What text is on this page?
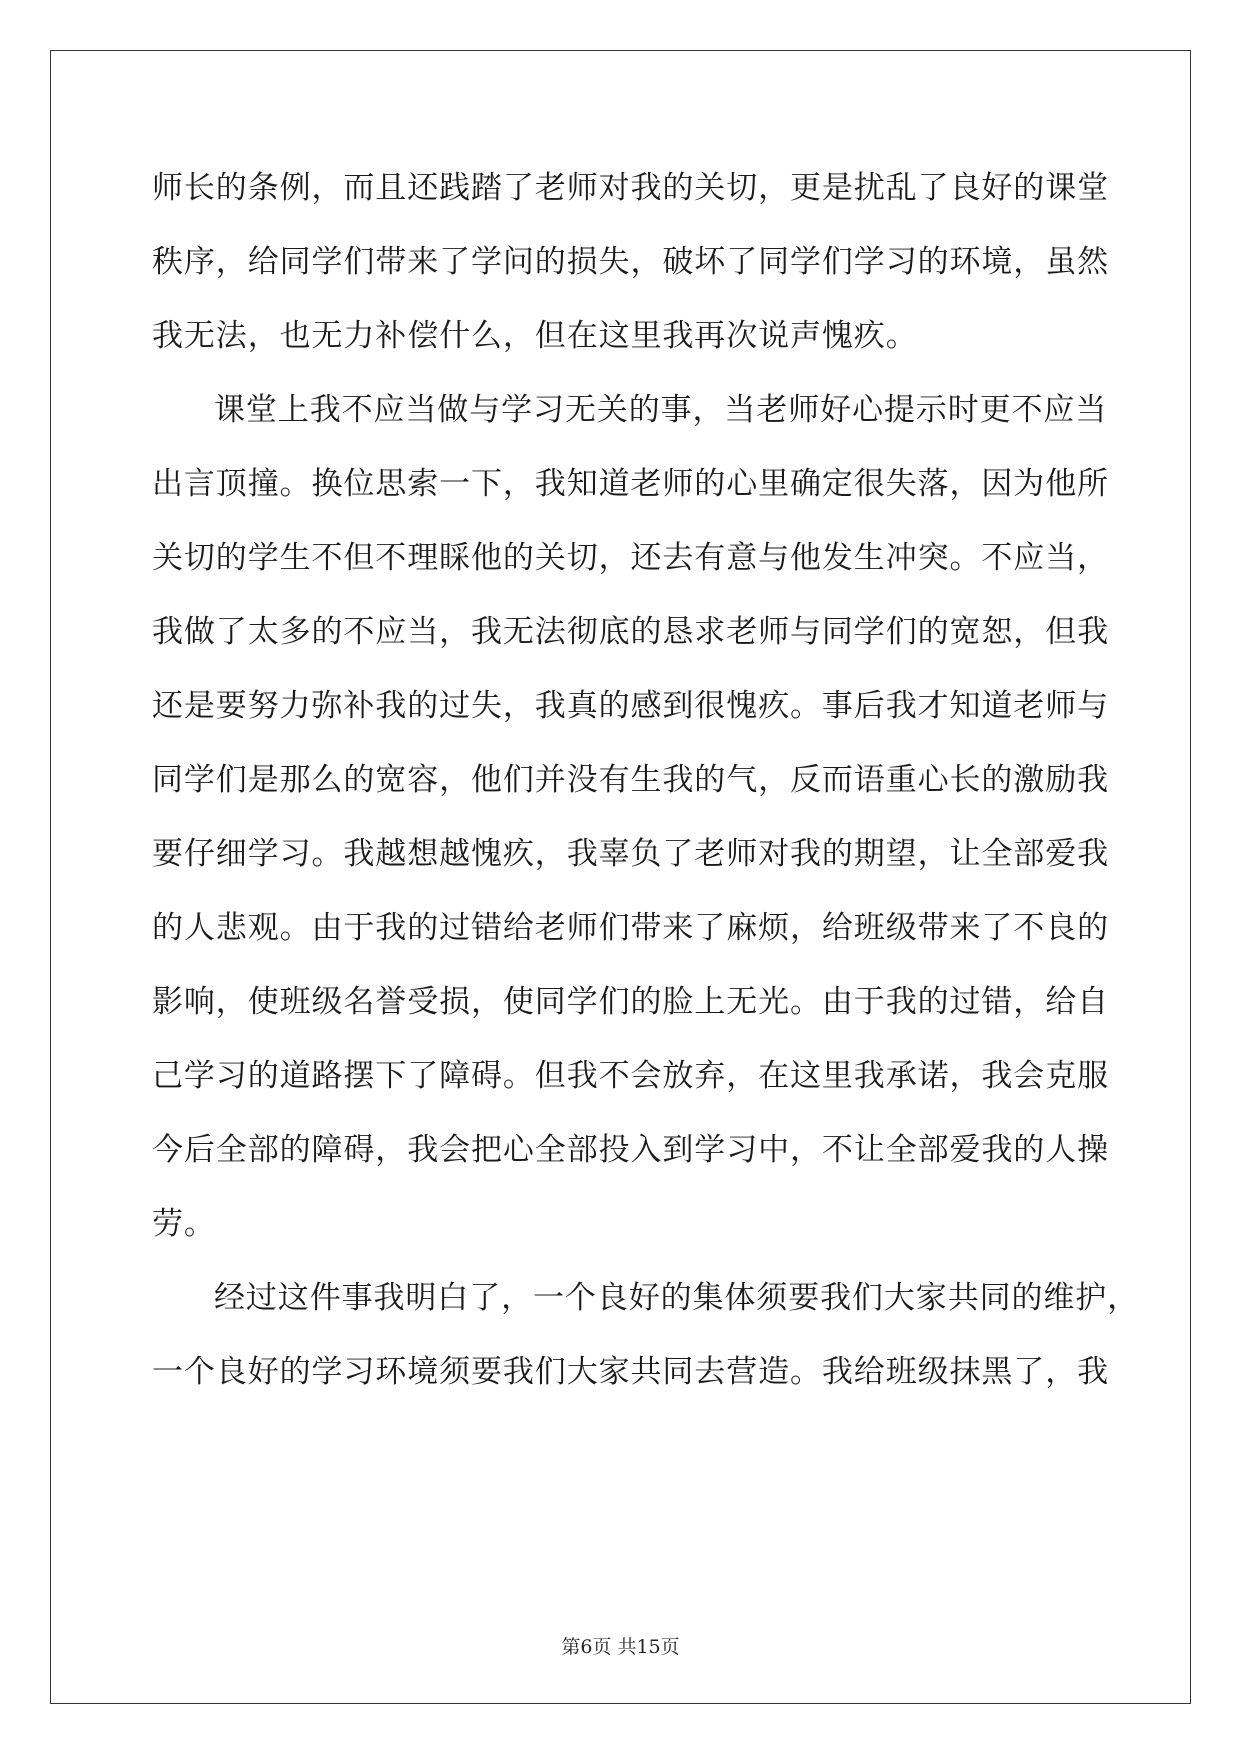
师长的条例，而且还践踏了老师对我的关切，更是扰乱了良好的课堂
秩序，给同学们带来了学问的损失，破坏了同学们学习的环境，虽然
我无法，也无力补偿什么，但在这里我再次说声愧疚。
课堂上我不应当做与学习无关的事，当老师好心提示时更不应当
出言顶撞。换位思索一下，我知道老师的心里确定很失落，因为他所
关切的学生不但不理睬他的关切，还去有意与他发生冲突。不应当，
我做了太多的不应当，我无法彻底的恳求老师与同学们的宽恕，但我
还是要努力弥补我的过失，我真的感到很愧疚。事后我才知道老师与
同学们是那么的宽容，他们并没有生我的气，反而语重心长的激励我
要仔细学习。我越想越愧疚，我辜负了老师对我的期望，让全部爱我
的人悲观。由于我的过错给老师们带来了麻烦，给班级带来了不良的
影响，使班级名誉受损，使同学们的脸上无光。由于我的过错，给自
己学习的道路摆下了障碍。但我不会放弃，在这里我承诺，我会克服
今后全部的障碍，我会把心全部投入到学习中，不让全部爱我的人操
劳。
经过这件事我明白了，一个良好的集体须要我们大家共同的维护，
一个良好的学习环境须要我们大家共同去营造。我给班级抹黑了，我
第6页 共15页
